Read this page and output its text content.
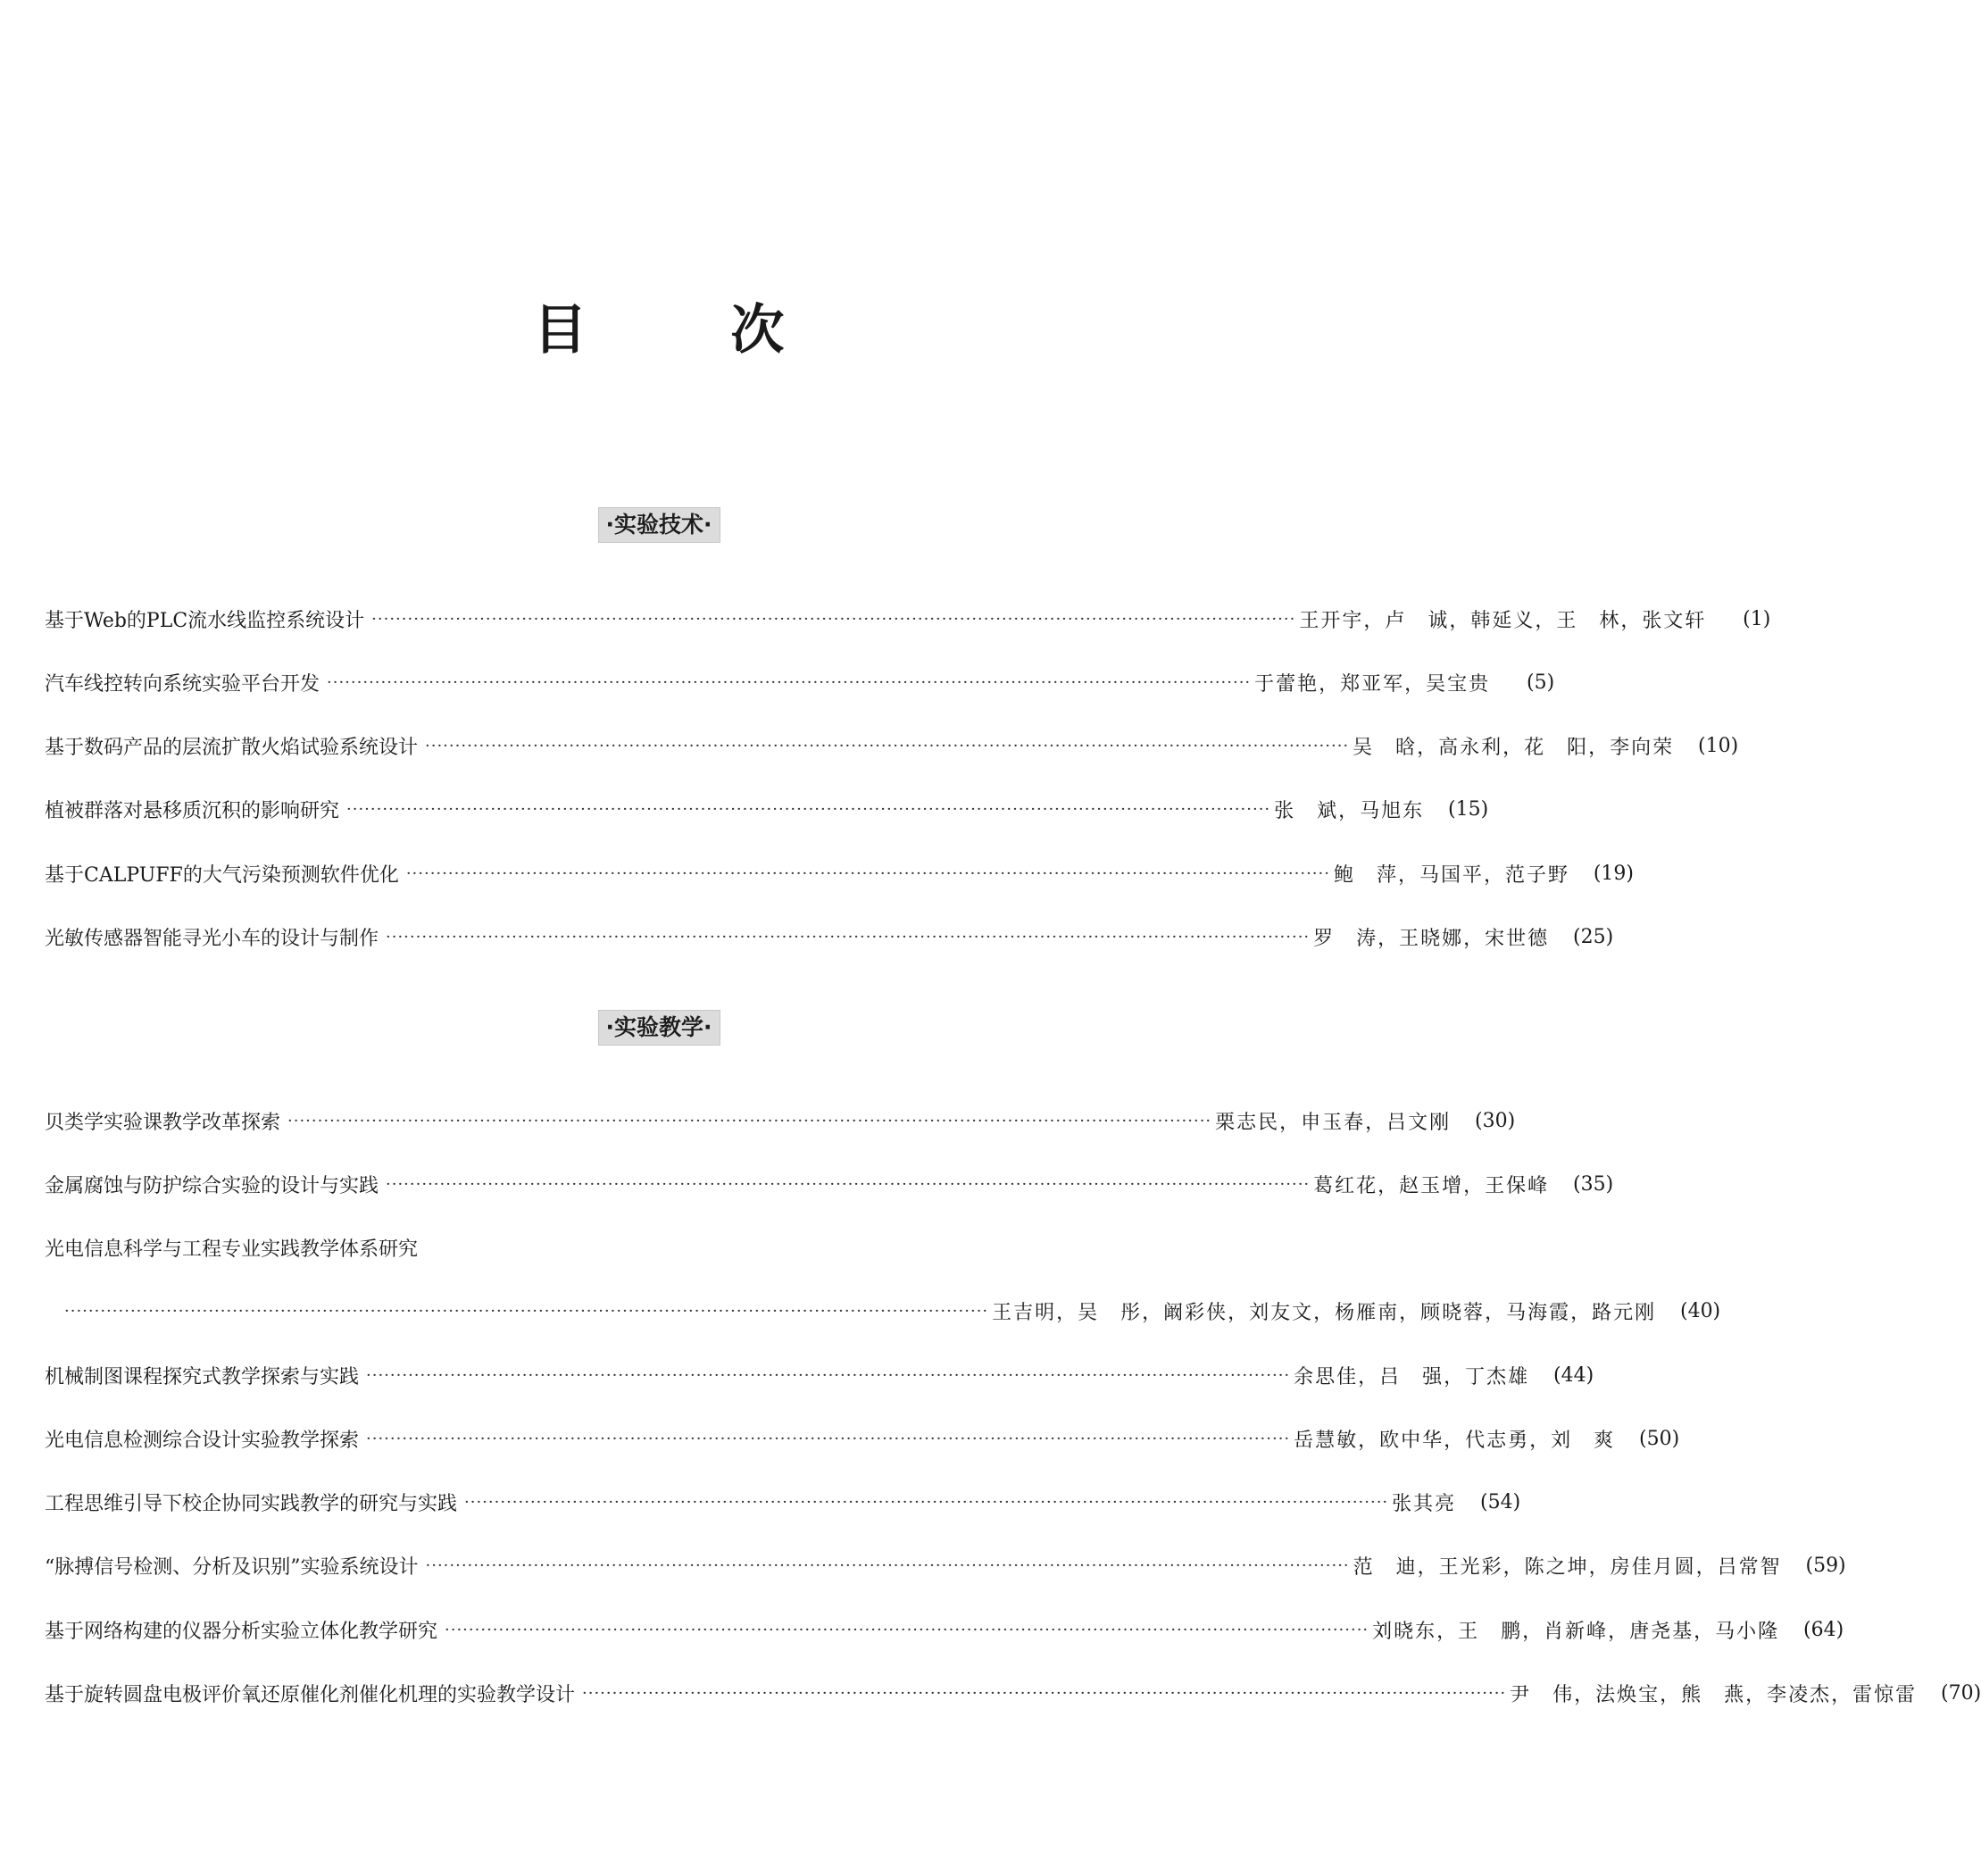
目 次
·实验技术·
基于Web的PLC流水线监控系统设计 ·························································································································································· 王开宇，卢　诚，韩延义，王　林，张文轩	(1)
汽车线控转向系统实验平台开发 ·························································································································································· 于蕾艳，郑亚军，吴宝贵	(5)
基于数码产品的层流扩散火焰试验系统设计 ·························································································································································· 吴　晗，高永利，花　阳，李向荣	(10)
植被群落对悬移质沉积的影响研究 ·························································································································································· 张　斌，马旭东	(15)
基于CALPUFF的大气污染预测软件优化 ·························································································································································· 鲍　萍，马国平，范子野	(19)
光敏传感器智能寻光小车的设计与制作 ·························································································································································· 罗　涛，王晓娜，宋世德	(25)
·实验教学·
贝类学实验课教学改革探索 ·························································································································································· 栗志民，申玉春，吕文刚	(30)
金属腐蚀与防护综合实验的设计与实践 ·························································································································································· 葛红花，赵玉增，王保峰	(35)
光电信息科学与工程专业实践教学体系研究
·························································································································································· 王吉明，吴　彤，阚彩侠，刘友文，杨雁南，顾晓蓉，马海霞，路元刚	(40)
机械制图课程探究式教学探索与实践 ·························································································································································· 余思佳，吕　强，丁杰雄	(44)
光电信息检测综合设计实验教学探索 ·························································································································································· 岳慧敏，欧中华，代志勇，刘　爽	(50)
工程思维引导下校企协同实践教学的研究与实践 ·························································································································································· 张其亮	(54)
“脉搏信号检测、分析及识别”实验系统设计 ·························································································································································· 范　迪，王光彩，陈之坤，房佳月圆，吕常智	(59)
基于网络构建的仪器分析实验立体化教学研究 ·························································································································································· 刘晓东，王　鹏，肖新峰，唐尧基，马小隆	(64)
基于旋转圆盘电极评价氧还原催化剂催化机理的实验教学设计 ·························································································································································· 尹　伟，法焕宝，熊　燕，李凌杰，雷惊雷	(70)
